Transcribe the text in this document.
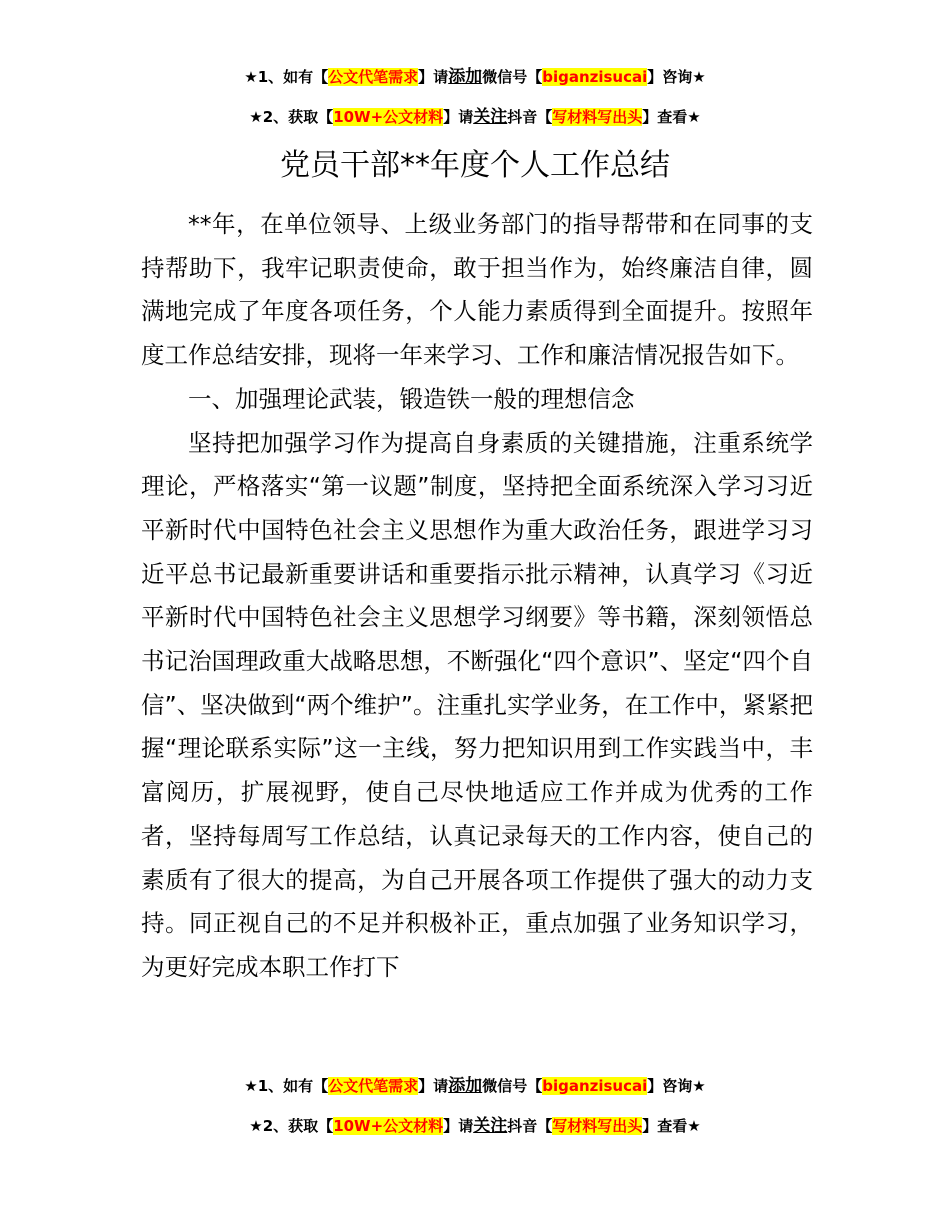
★1、如有【公文代笔需求】请添加微信号【biganzisucai】咨询★
★2、获取【10W+公文材料】请关注抖音【写材料写出头】查看★
党员干部**年度个人工作总结

**年，在单位领导、上级业务部门的指导帮带和在同事的支持帮助下，我牢记职责使命，敢于担当作为，始终廉洁自律，圆满地完成了年度各项任务，个人能力素质得到全面提升。按照年度工作总结安排，现将一年来学习、工作和廉洁情况报告如下。

一、加强理论武装，锻造铁一般的理想信念

坚持把加强学习作为提高自身素质的关键措施，注重系统学理论，严格落实“第一议题”制度，坚持把全面系统深入学习习近平新时代中国特色社会主义思想作为重大政治任务，跟进学习习近平总书记最新重要讲话和重要指示批示精神，认真学习《习近平新时代中国特色社会主义思想学习纲要》等书籍，深刻领悟总书记治国理政重大战略思想，不断强化“四个意识”、坚定“四个自信”、坚决做到“两个维护”。注重扎实学业务，在工作中，紧紧把握“理论联系实际”这一主线，努力把知识用到工作实践当中，丰富阅历，扩展视野，使自己尽快地适应工作并成为优秀的工作者，坚持每周写工作总结，认真记录每天的工作内容，使自己的素质有了很大的提高，为自己开展各项工作提供了强大的动力支持。同正视自己的不足并积极补正，重点加强了业务知识学习，为更好完成本职工作打下

★1、如有【公文代笔需求】请添加微信号【biganzisucai】咨询★
★2、获取【10W+公文材料】请关注抖音【写材料写出头】查看★
